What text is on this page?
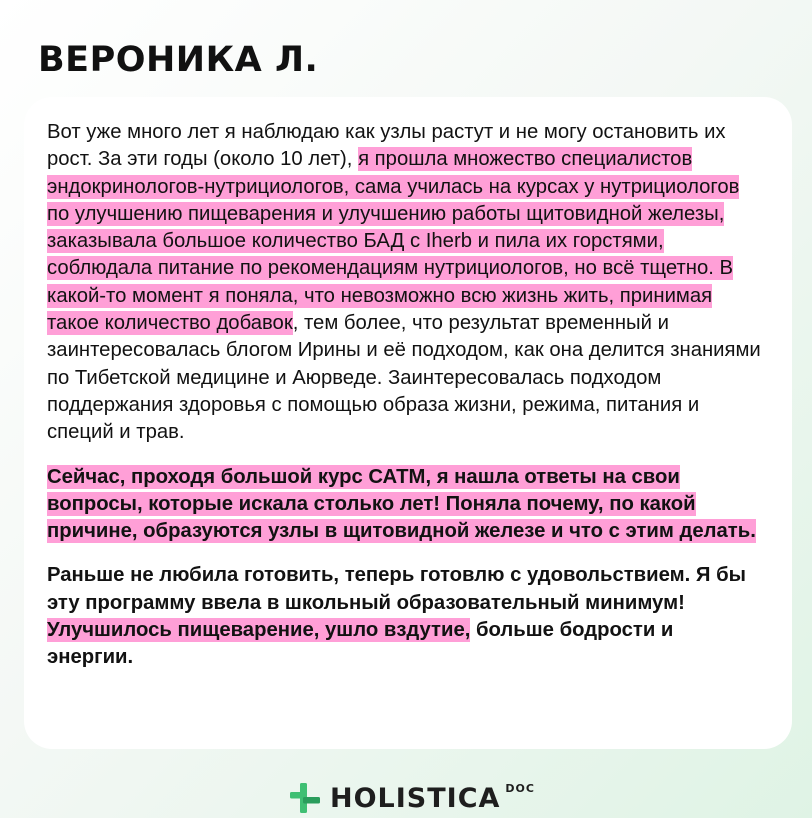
ВЕРОНИКА Л.

Вот уже много лет я наблюдаю как узлы растут и не могу остановить их рост. За эти годы (около 10 лет), я прошла множество специалистов эндокринологов-нутрициологов, сама училась на курсах у нутрициологов по улучшению пищеварения и улучшению работы щитовидной железы, заказывала большое количество БАД с Iherb и пила их горстями, соблюдала питание по рекомендациям нутрициологов, но всё тщетно. В какой-то момент я поняла, что невозможно всю жизнь жить, принимая такое количество добавок, тем более, что результат временный и заинтересовалась блогом Ирины и её подходом, как она делится знаниями по Тибетской медицине и Аюрведе. Заинтересовалась подходом поддержания здоровья с помощью образа жизни, режима, питания и специй и трав.

Сейчас, проходя большой курс САТМ, я нашла ответы на свои вопросы, которые искала столько лет! Поняла почему, по какой причине, образуются узлы в щитовидной железе и что с этим делать.

Раньше не любила готовить, теперь готовлю с удовольствием. Я бы эту программу ввела в школьный образовательный минимум! Улучшилось пищеварение, ушло вздутие, больше бодрости и энергии.

HOLISTICA DOC
